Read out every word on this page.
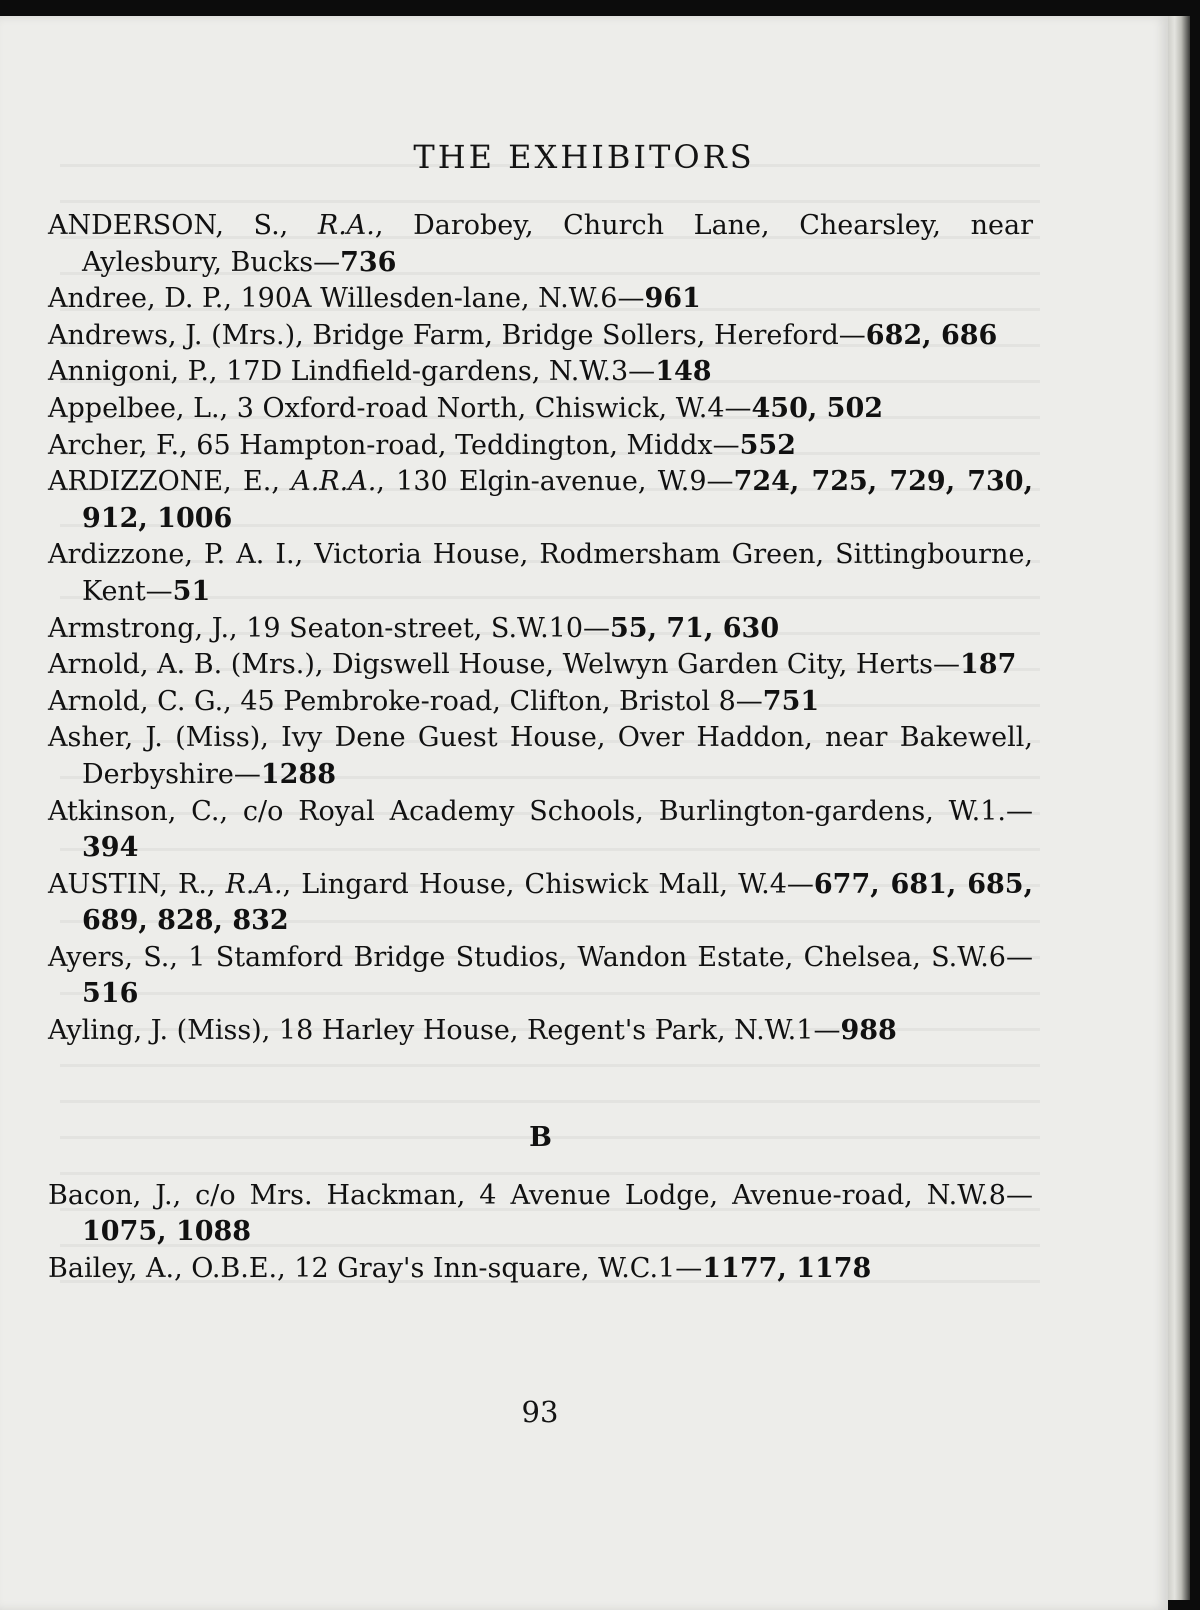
THE EXHIBITORS
ANDERSON, S., R.A., Darobey, Church Lane, Chearsley, near Aylesbury, Bucks—736
Andree, D. P., 190A Willesden-lane, N.W.6—961
Andrews, J. (Mrs.), Bridge Farm, Bridge Sollers, Hereford—682, 686
Annigoni, P., 17D Lindfield-gardens, N.W.3—148
Appelbee, L., 3 Oxford-road North, Chiswick, W.4—450, 502
Archer, F., 65 Hampton-road, Teddington, Middx—552
ARDIZZONE, E., A.R.A., 130 Elgin-avenue, W.9—724, 725, 729, 730, 912, 1006
Ardizzone, P. A. I., Victoria House, Rodmersham Green, Sittingbourne, Kent—51
Armstrong, J., 19 Seaton-street, S.W.10—55, 71, 630
Arnold, A. B. (Mrs.), Digswell House, Welwyn Garden City, Herts—187
Arnold, C. G., 45 Pembroke-road, Clifton, Bristol 8—751
Asher, J. (Miss), Ivy Dene Guest House, Over Haddon, near Bakewell, Derbyshire—1288
Atkinson, C., c/o Royal Academy Schools, Burlington-gardens, W.1.—394
AUSTIN, R., R.A., Lingard House, Chiswick Mall, W.4—677, 681, 685, 689, 828, 832
Ayers, S., 1 Stamford Bridge Studios, Wandon Estate, Chelsea, S.W.6—516
Ayling, J. (Miss), 18 Harley House, Regent's Park, N.W.1—988
B
Bacon, J., c/o Mrs. Hackman, 4 Avenue Lodge, Avenue-road, N.W.8—1075, 1088
Bailey, A., O.B.E., 12 Gray's Inn-square, W.C.1—1177, 1178
93
